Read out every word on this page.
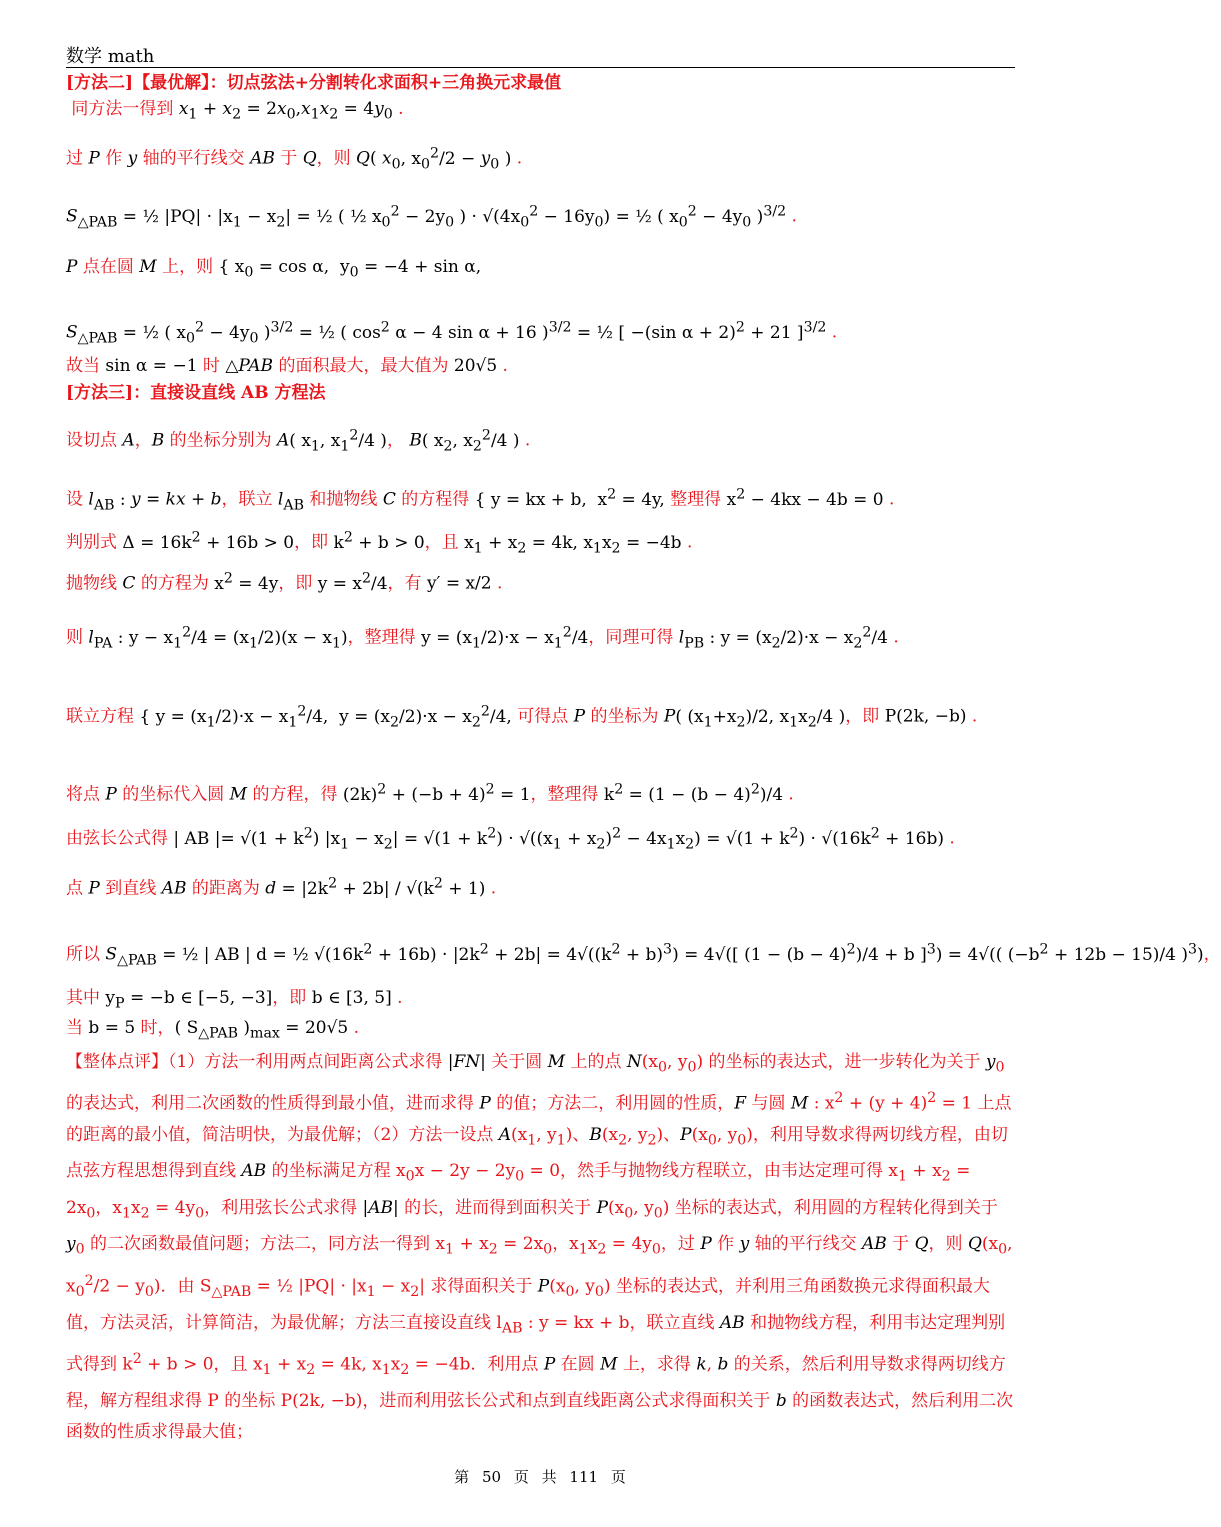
数学 math
[方法二]【最优解】：切点弦法+分割转化求面积+三角换元求最值
同方法一得到 $x_1 + x_2 = 2x_0,x_1x_2 = 4y_0$ .
过 P 作 y 轴的平行线交 AB 于 Q，则 Q( $x_0$, $x_0^2/2 - y_0$ ) .
$S_{\triangle PAB}$ = ½ $|PQ| \cdot |x_1 - x_2|$ = ½ ( ½ $x_0^2 - 2y_0$ ) · $√(4x_0^2 - 16y_0)$ = ½ ( $x_0^2 - 4y_0$ )$^{3/2}$ .
P 点在圆 M 上，则 { $x_0 = \cos \alpha$,  $y_0 = -4 + \sin \alpha$,
$S_{\triangle PAB}$ = ½ ( $x_0^2 - 4y_0$ )$^{3/2}$ = ½ ( $\cos^2 \alpha - 4$ sin α + 16 )$^{3/2}$ = ½ [ −(sin α + 2)$^2$ + 21 ]$^{3/2}$ .
故当 sin α = −1 时 △PAB 的面积最大，最大值为 20√5 .
[方法三]：直接设直线 AB 方程法
设切点 A，B 的坐标分别为 A( $x_1$, $x_1^2/4$ )， B( $x_2$, $x_2^2/4$ ) .
设 $l_{AB}$ : y = kx + b，联立 $l_{AB}$ 和抛物线 C 的方程得 { y = kx + b,  $x^2 = 4y$, 整理得 $x^2 - 4kx - 4b = 0$ .
判别式 $\Delta = 16k^2 + 16b > 0$，即 $k^2 + b > 0$，且 $x_1 + x_2 = 4k$, $x_1x_2 = -4b$ .
抛物线 C 的方程为 $x^2 = 4y$，即 $y = x^2/4$，有 y′ = x/2 .
则 $l_{PA}$ : $y - x_1^2/4 = (x_1/2)(x - x_1)$，整理得 $y = (x_1/2)\cdot x - x_1^2/4$，同理可得 $l_{PB}$ : $y = (x_2/2)\cdot x - x_2^2/4$ .
联立方程 { $y = (x_1/2)\cdot x - x_1^2/4$,  $y = (x_2/2)\cdot x - x_2^2/4$, 可得点 P 的坐标为 P( $(x_1+x_2)/2$, $x_1x_2/4$ )，即 P(2k, −b) .
将点 P 的坐标代入圆 M 的方程，得 $(2k)^2 + (-b + 4)^2 = 1$，整理得 $k^2 = (1 - (b - 4)^2)/4$ .
由弦长公式得 | AB |= $√(1 + k^2)$ $|x_1 - x_2| = √(1 + k^2) \cdot √((x_1 + x_2)^2 - 4x_1x_2) = √(1 + k^2) \cdot √(16k^2 + 16b)$ .
点 P 到直线 AB 的距离为 $d = |2k^2 + 2b| / √(k^2 + 1)$ .
所以 $S_{\triangle PAB}$ = ½ | AB | d = ½ $√(16k^2 + 16b) \cdot |2k^2 + 2b| = 4√((k^2 + b)^3) = 4√$([ $(1 - (b - 4)^2)/4 + b$ ]$^3$) = 4√(( $(-b^2 + 12b - 15)/4$ )$^3$)，
其中 $y_P = -b$ ∈ [−5, −3]，即 b ∈ [3, 5] .
当 b = 5 时，( $S_{\triangle PAB}$ )$_{max} = 20√5$ .
【整体点评】（1）方法一利用两点间距离公式求得 |FN| 关于圆 M 上的点 $N(x_0$, $y_0$) 的坐标的表达式，进一步转化为关于 $y_0$ 的表达式，利用二次函数的性质得到最小值，进而求得 P 的值；方法二，利用圆的性质，F 与圆 M : $x^2 + (y + 4)^2 = 1$ 上点的距离的最小值，简洁明快，为最优解；（2）方法一设点 $A(x_1$, $y_1$)、$B(x_2$, $y_2$)、$P(x_0$, $y_0$)，利用导数求得两切线方程，由切点弦方程思想得到直线 AB 的坐标满足方程 $x_0x - 2y - 2y_0 = 0$，然手与抛物线方程联立，由韦达定理可得 $x_1 + x_2 = 2x_0$，$x_1x_2 = 4y_0$，利用弦长公式求得 |AB| 的长，进而得到面积关于 $P(x_0$, $y_0$) 坐标的表达式，利用圆的方程转化得到关于 $y_0$ 的二次函数最值问题；方法二，同方法一得到 $x_1 + x_2 = 2x_0$，$x_1x_2 = 4y_0$，过 P 作 y 轴的平行线交 AB 于 Q，则 $Q(x_0$, $x_0^2/2 - y_0$)．由 $S_{\triangle PAB}$ = ½ $|PQ| \cdot |x_1 - x_2|$ 求得面积关于 $P(x_0$, $y_0$) 坐标的表达式，并利用三角函数换元求得面积最大值，方法灵活，计算简洁，为最优解；方法三直接设直线 $l_{AB}$ : y = kx + b，联立直线 AB 和抛物线方程，利用韦达定理判别式得到 $k^2 + b > 0$，且 $x_1 + x_2 = 4k$, $x_1x_2 = -4b$．利用点 P 在圆 M 上，求得 k, b 的关系，然后利用导数求得两切线方程，解方程组求得 P 的坐标 P(2k, −b)，进而利用弦长公式和点到直线距离公式求得面积关于 b 的函数表达式，然后利用二次函数的性质求得最大值；
第 50 页 共 111 页
